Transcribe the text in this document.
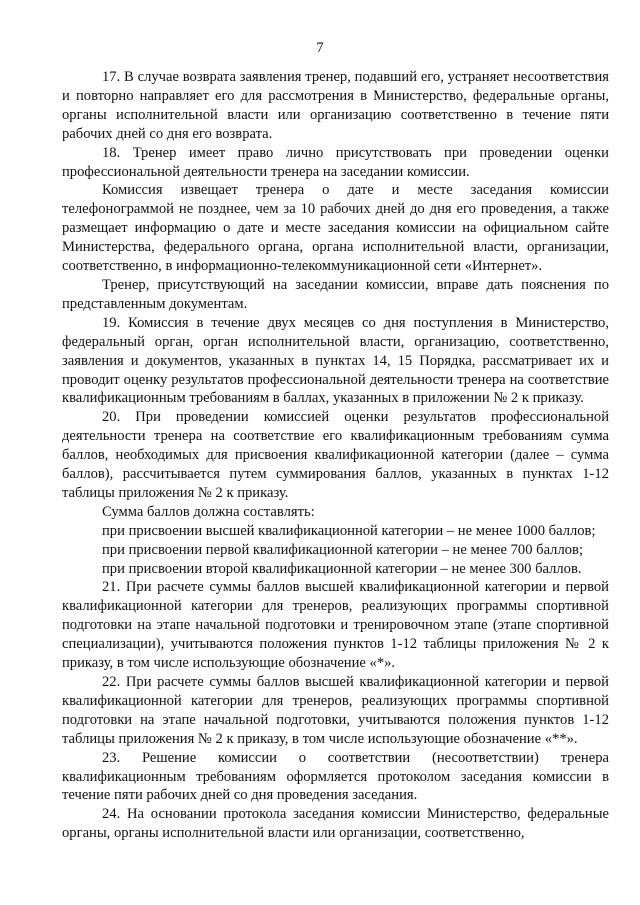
7

17. В случае возврата заявления тренер, подавший его, устраняет несоответствия и повторно направляет его для рассмотрения в Министерство, федеральные органы, органы исполнительной власти или организацию соответственно в течение пяти рабочих дней со дня его возврата.

18. Тренер имеет право лично присутствовать при проведении оценки профессиональной деятельности тренера на заседании комиссии.

Комиссия извещает тренера о дате и месте заседания комиссии телефонограммой не позднее, чем за 10 рабочих дней до дня его проведения, а также размещает информацию о дате и месте заседания комиссии на официальном сайте Министерства, федерального органа, органа исполнительной власти, организации, соответственно, в информационно-телекоммуникационной сети «Интернет».

Тренер, присутствующий на заседании комиссии, вправе дать пояснения по представленным документам.

19. Комиссия в течение двух месяцев со дня поступления в Министерство, федеральный орган, орган исполнительной власти, организацию, соответственно, заявления и документов, указанных в пунктах 14, 15 Порядка, рассматривает их и проводит оценку результатов профессиональной деятельности тренера на соответствие квалификационным требованиям в баллах, указанных в приложении № 2 к приказу.

20. При проведении комиссией оценки результатов профессиональной деятельности тренера на соответствие его квалификационным требованиям сумма баллов, необходимых для присвоения квалификационной категории (далее – сумма баллов), рассчитывается путем суммирования баллов, указанных в пунктах 1-12 таблицы приложения № 2 к приказу.

Сумма баллов должна составлять:

при присвоении высшей квалификационной категории – не менее 1000 баллов;

при присвоении первой квалификационной категории – не менее 700 баллов;

при присвоении второй квалификационной категории – не менее 300 баллов.

21. При расчете суммы баллов высшей квалификационной категории и первой квалификационной категории для тренеров, реализующих программы спортивной подготовки на этапе начальной подготовки и тренировочном этапе (этапе спортивной специализации), учитываются положения пунктов 1-12 таблицы приложения № 2 к приказу, в том числе использующие обозначение «*».

22. При расчете суммы баллов высшей квалификационной категории и первой квалификационной категории для тренеров, реализующих программы спортивной подготовки на этапе начальной подготовки, учитываются положения пунктов 1-12 таблицы приложения № 2 к приказу, в том числе использующие обозначение «**».

23. Решение комиссии о соответствии (несоответствии) тренера квалификационным требованиям оформляется протоколом заседания комиссии в течение пяти рабочих дней со дня проведения заседания.

24. На основании протокола заседания комиссии Министерство, федеральные органы, органы исполнительной власти или организации, соответственно,
